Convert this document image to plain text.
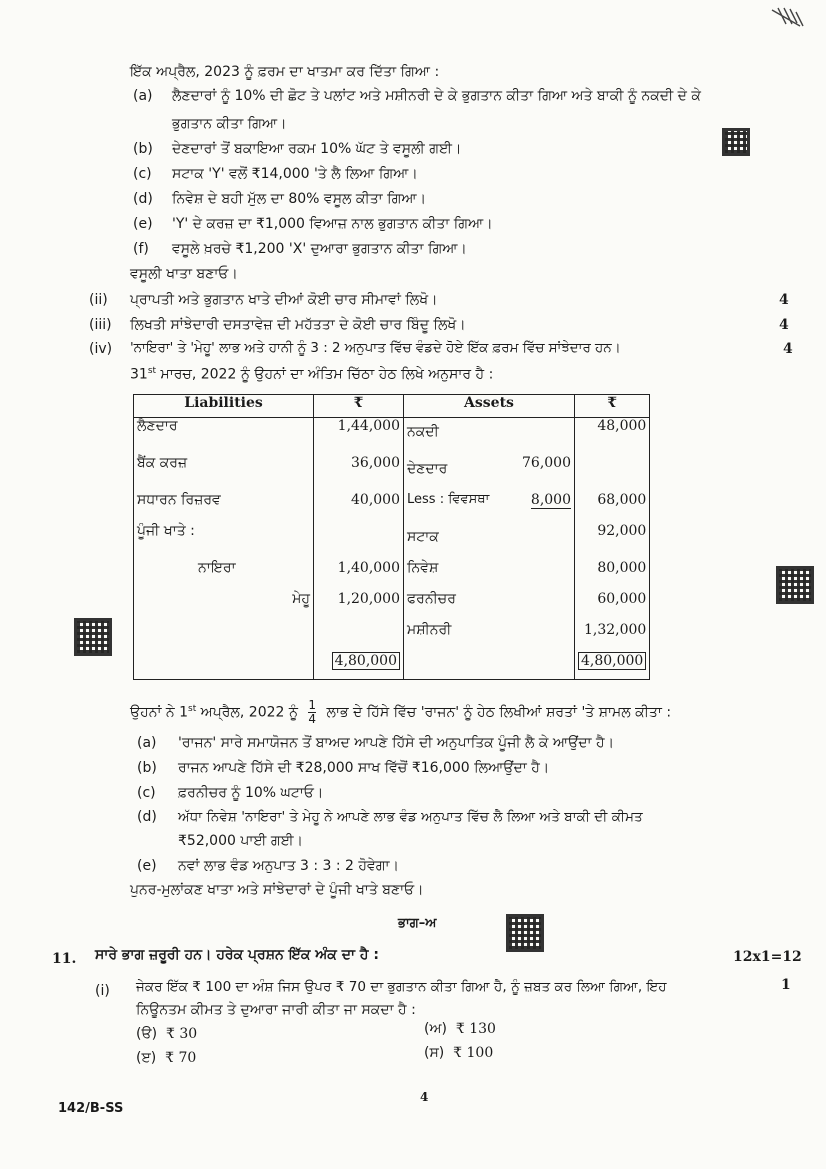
ਇੱਕ ਅਪ੍ਰੈਲ, 2023 ਨੂੰ ਫ਼ਰਮ ਦਾ ਖਾਤਮਾ ਕਰ ਦਿੱਤਾ ਗਿਆ :
(a) ਲੈਣਦਾਰਾਂ ਨੂੰ 10% ਦੀ ਛੋਟ ਤੇ ਪਲਾਂਟ ਅਤੇ ਮਸ਼ੀਨਰੀ ਦੇ ਕੇ ਭੁਗਤਾਨ ਕੀਤਾ ਗਿਆ ਅਤੇ ਬਾਕੀ ਨੂੰ ਨਕਦੀ ਦੇ ਕੇ
ਭੁਗਤਾਨ ਕੀਤਾ ਗਿਆ।
(b) ਦੇਣਦਾਰਾਂ ਤੋਂ ਬਕਾਇਆ ਰਕਮ 10% ਘੱਟ ਤੇ ਵਸੂਲੀ ਗਈ।
(c) ਸਟਾਕ 'Y' ਵਲੋਂ ₹14,000 'ਤੇ ਲੈ ਲਿਆ ਗਿਆ।
(d) ਨਿਵੇਸ਼ ਦੇ ਬਹੀ ਮੁੱਲ ਦਾ 80% ਵਸੂਲ ਕੀਤਾ ਗਿਆ।
(e) 'Y' ਦੇ ਕਰਜ਼ ਦਾ ₹1,000 ਵਿਆਜ਼ ਨਾਲ ਭੁਗਤਾਨ ਕੀਤਾ ਗਿਆ।
(f) ਵਸੂਲੇ ਖ਼ਰਚੇ ₹1,200 'X' ਦੁਆਰਾ ਭੁਗਤਾਨ ਕੀਤਾ ਗਿਆ।
ਵਸੂਲੀ ਖਾਤਾ ਬਣਾਓ।
(ii) ਪ੍ਰਾਪਤੀ ਅਤੇ ਭੁਗਤਾਨ ਖਾਤੇ ਦੀਆਂ ਕੋਈ ਚਾਰ ਸੀਮਾਵਾਂ ਲਿਖੋ।	4
(iii) ਲਿਖਤੀ ਸਾਂਝੇਦਾਰੀ ਦਸਤਾਵੇਜ਼ ਦੀ ਮਹੱਤਤਾ ਦੇ ਕੋਈ ਚਾਰ ਬਿੰਦੂ ਲਿਖੋ।	4
(iv) 'ਨਾਇਰਾ' ਤੇ 'ਮੇਹੂ' ਲਾਭ ਅਤੇ ਹਾਨੀ ਨੂੰ 3 : 2 ਅਨੁਪਾਤ ਵਿੱਚ ਵੰਡਦੇ ਹੋਏ ਇੱਕ ਫ਼ਰਮ ਵਿੱਚ ਸਾਂਝੇਦਾਰ ਹਨ।	4
31st ਮਾਰਚ, 2022 ਨੂੰ ਉਹਨਾਂ ਦਾ ਅੰਤਿਮ ਚਿੱਠਾ ਹੇਠ ਲਿਖੇ ਅਨੁਸਾਰ ਹੈ :
Liabilities	₹	Assets		₹
ਲੈਣਦਾਰ	1,44,000	ਨਕਦੀ		48,000
ਬੈਂਕ ਕਰਜ਼	36,000	ਦੇਣਦਾਰ	76,000	
ਸਧਾਰਨ ਰਿਜ਼ਰਵ	40,000	Less : ਵਿਵਸਥਾ	8,000	68,000
ਪੂੰਜੀ ਖਾਤੇ :		ਸਟਾਕ		92,000
ਨਾਇਰਾ	1,40,000	ਨਿਵੇਸ਼		80,000
ਮੇਹੂ	1,20,000	ਫਰਨੀਚਰ		60,000
		ਮਸ਼ੀਨਰੀ		1,32,000
	4,80,000			4,80,000
ਉਹਨਾਂ ਨੇ 1st ਅਪ੍ਰੈਲ, 2022 ਨੂੰ $\frac{1}{4}$ ਲਾਭ ਦੇ ਹਿੱਸੇ ਵਿੱਚ 'ਰਾਜਨ' ਨੂੰ ਹੇਠ ਲਿਖੀਆਂ ਸ਼ਰਤਾਂ 'ਤੇ ਸ਼ਾਮਲ ਕੀਤਾ :
(a) 'ਰਾਜਨ' ਸਾਰੇ ਸਮਾਯੋਜਨ ਤੋਂ ਬਾਅਦ ਆਪਣੇ ਹਿੱਸੇ ਦੀ ਅਨੁਪਾਤਿਕ ਪੂੰਜੀ ਲੈ ਕੇ ਆਉਂਦਾ ਹੈ।
(b) ਰਾਜਨ ਆਪਣੇ ਹਿੱਸੇ ਦੀ ₹28,000 ਸਾਖ ਵਿੱਚੋਂ ₹16,000 ਲਿਆਉਂਦਾ ਹੈ।
(c) ਫ਼ਰਨੀਚਰ ਨੂੰ 10% ਘਟਾਓ।
(d) ਅੱਧਾ ਨਿਵੇਸ਼ 'ਨਾਇਰਾ' ਤੇ ਮੇਹੂ ਨੇ ਆਪਣੇ ਲਾਭ ਵੰਡ ਅਨੁਪਾਤ ਵਿੱਚ ਲੈ ਲਿਆ ਅਤੇ ਬਾਕੀ ਦੀ ਕੀਮਤ
₹52,000 ਪਾਈ ਗਈ।
(e) ਨਵਾਂ ਲਾਭ ਵੰਡ ਅਨੁਪਾਤ 3 : 3 : 2 ਹੋਵੇਗਾ।
ਪੁਨਰ-ਮੁਲਾਂਕਣ ਖਾਤਾ ਅਤੇ ਸਾਂਝੇਦਾਰਾਂ ਦੇ ਪੂੰਜੀ ਖਾਤੇ ਬਣਾਓ।
ਭਾਗ–ਅ
11. ਸਾਰੇ ਭਾਗ ਜ਼ਰੂਰੀ ਹਨ। ਹਰੇਕ ਪ੍ਰਸ਼ਨ ਇੱਕ ਅੰਕ ਦਾ ਹੈ :	12x1=12
(i) ਜੇਕਰ ਇੱਕ ₹ 100 ਦਾ ਅੰਸ਼ ਜਿਸ ਉਪਰ ₹ 70 ਦਾ ਭੁਗਤਾਨ ਕੀਤਾ ਗਿਆ ਹੈ, ਨੂੰ ਜ਼ਬਤ ਕਰ ਲਿਆ ਗਿਆ, ਇਹ
ਨਿਊਨਤਮ ਕੀਮਤ ਤੇ ਦੁਆਰਾ ਜਾਰੀ ਕੀਤਾ ਜਾ ਸਕਦਾ ਹੈ :
1
(ੳ) ₹ 30	(ਅ) ₹ 130
(ੲ) ₹ 70	(ਸ) ₹ 100
142/B-SS
4
